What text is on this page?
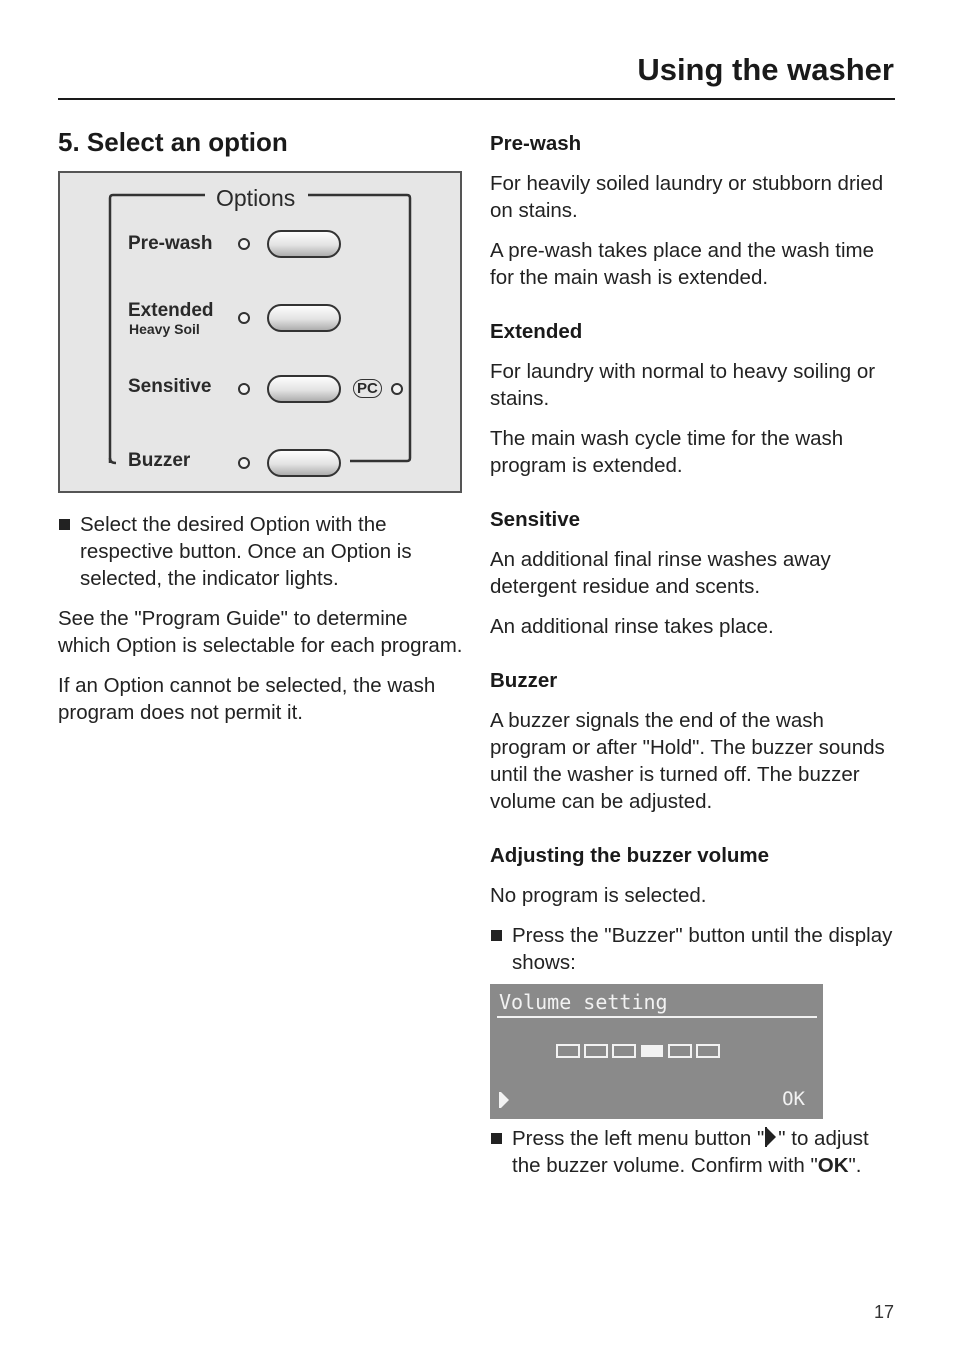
Using the washer
5. Select an option
Options
Pre-wash
Extended
Heavy Soil
Sensitive
Buzzer
PC
Select the desired Option with the respective button. Once an Option is selected, the indicator lights.

See the "Program Guide" to determine which Option is selectable for each program.

If an Option cannot be selected, the wash program does not permit it.

Pre-wash

For heavily soiled laundry or stubborn dried on stains.

A pre-wash takes place and the wash time for the main wash is extended.

Extended

For laundry with normal to heavy soiling or stains.

The main wash cycle time for the wash program is extended.

Sensitive

An additional final rinse washes away detergent residue and scents.

An additional rinse takes place.

Buzzer

A buzzer signals the end of the wash program or after "Hold". The buzzer sounds until the washer is turned off. The buzzer volume can be adjusted.

Adjusting the buzzer volume

No program is selected.

Press the "Buzzer" button until the display shows:
Volume setting
OK
Press the left menu button " " to adjust the buzzer volume. Confirm with "OK".
17
